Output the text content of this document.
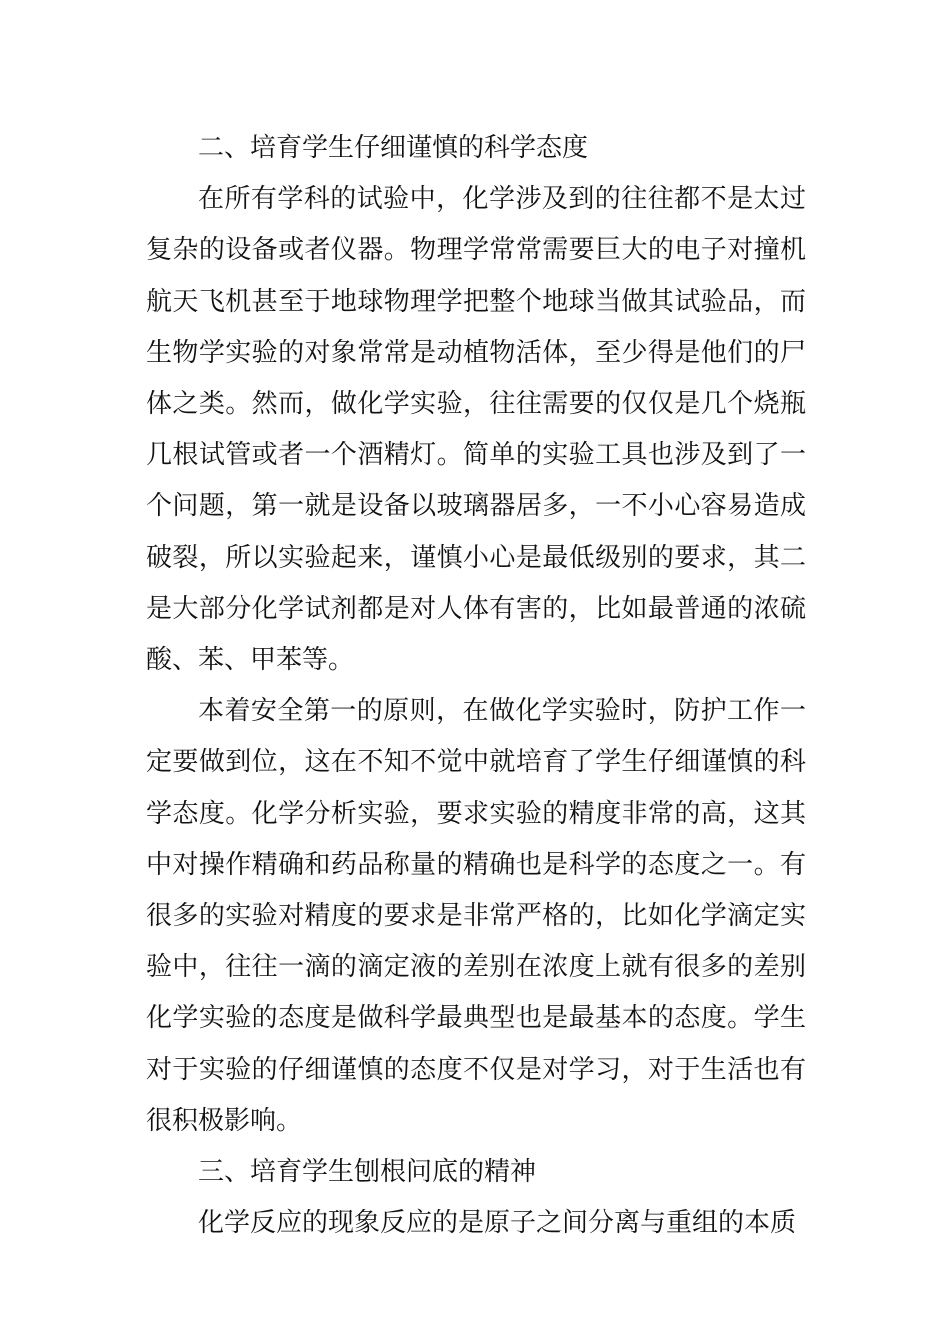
二、培育学生仔细谨慎的科学态度

在所有学科的试验中，化学涉及到的往往都不是太过复杂的设备或者仪器。物理学常常需要巨大的电子对撞机航天飞机甚至于地球物理学把整个地球当做其试验品，而生物学实验的对象常常是动植物活体，至少得是他们的尸体之类。然而，做化学实验，往往需要的仅仅是几个烧瓶几根试管或者一个酒精灯。简单的实验工具也涉及到了一个问题，第一就是设备以玻璃器居多，一不小心容易造成破裂，所以实验起来，谨慎小心是最低级别的要求，其二是大部分化学试剂都是对人体有害的，比如最普通的浓硫酸、苯、甲苯等。

本着安全第一的原则，在做化学实验时，防护工作一定要做到位，这在不知不觉中就培育了学生仔细谨慎的科学态度。化学分析实验，要求实验的精度非常的高，这其中对操作精确和药品称量的精确也是科学的态度之一。有很多的实验对精度的要求是非常严格的，比如化学滴定实验中，往往一滴的滴定液的差别在浓度上就有很多的差别化学实验的态度是做科学最典型也是最基本的态度。学生对于实验的仔细谨慎的态度不仅是对学习，对于生活也有很积极影响。

三、培育学生刨根问底的精神

化学反应的现象反应的是原子之间分离与重组的本质
